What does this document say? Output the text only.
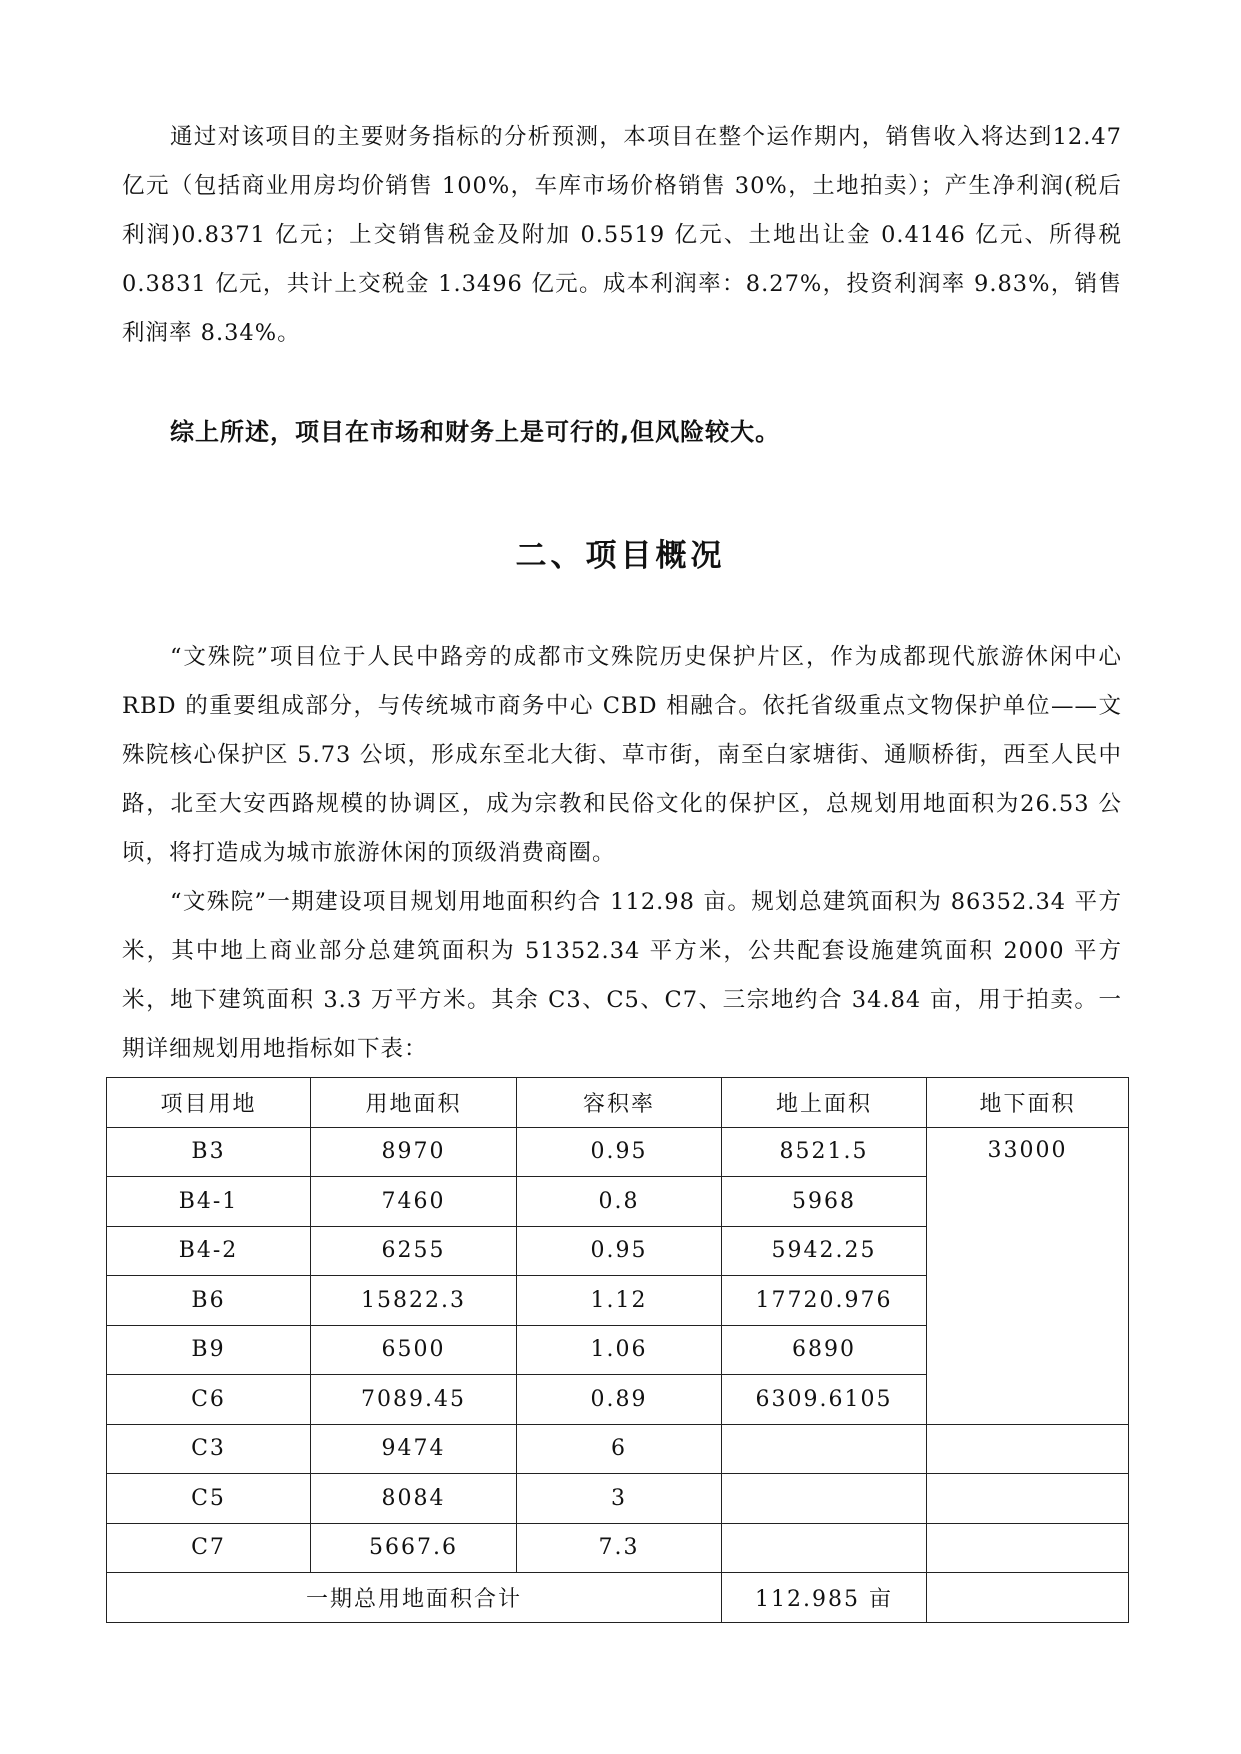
通过对该项目的主要财务指标的分析预测，本项目在整个运作期内，销售收入将达到12.47 亿元（包括商业用房均价销售 100%，车库市场价格销售 30%，土地拍卖）；产生净利润(税后利润)0.8371 亿元；上交销售税金及附加 0.5519 亿元、土地出让金 0.4146 亿元、所得税 0.3831 亿元，共计上交税金 1.3496 亿元。成本利润率：8.27%，投资利润率 9.83%，销售利润率 8.34%。

综上所述，项目在市场和财务上是可行的,但风险较大。

二、项目概况

“文殊院”项目位于人民中路旁的成都市文殊院历史保护片区，作为成都现代旅游休闲中心 RBD 的重要组成部分，与传统城市商务中心 CBD 相融合。依托省级重点文物保护单位——文殊院核心保护区 5.73 公顷，形成东至北大街、草市街，南至白家塘街、通顺桥街，西至人民中路，北至大安西路规模的协调区，成为宗教和民俗文化的保护区，总规划用地面积为26.53 公顷，将打造成为城市旅游休闲的顶级消费商圈。

“文殊院”一期建设项目规划用地面积约合 112.98 亩。规划总建筑面积为 86352.34 平方米，其中地上商业部分总建筑面积为 51352.34 平方米，公共配套设施建筑面积 2000 平方米，地下建筑面积 3.3 万平方米。其余 C3、C5、C7、三宗地约合 34.84 亩，用于拍卖。一期详细规划用地指标如下表：

项目用地	用地面积	容积率	地上面积	地下面积
B3	8970	0.95	8521.5	33000
B4-1	7460	0.8	5968	
B4-2	6255	0.95	5942.25	
B6	15822.3	1.12	17720.976	
B9	6500	1.06	6890	
C6	7089.45	0.89	6309.6105	
C3	9474	6		
C5	8084	3		
C7	5667.6	7.3		
一期总用地面积合计			112.985 亩	
